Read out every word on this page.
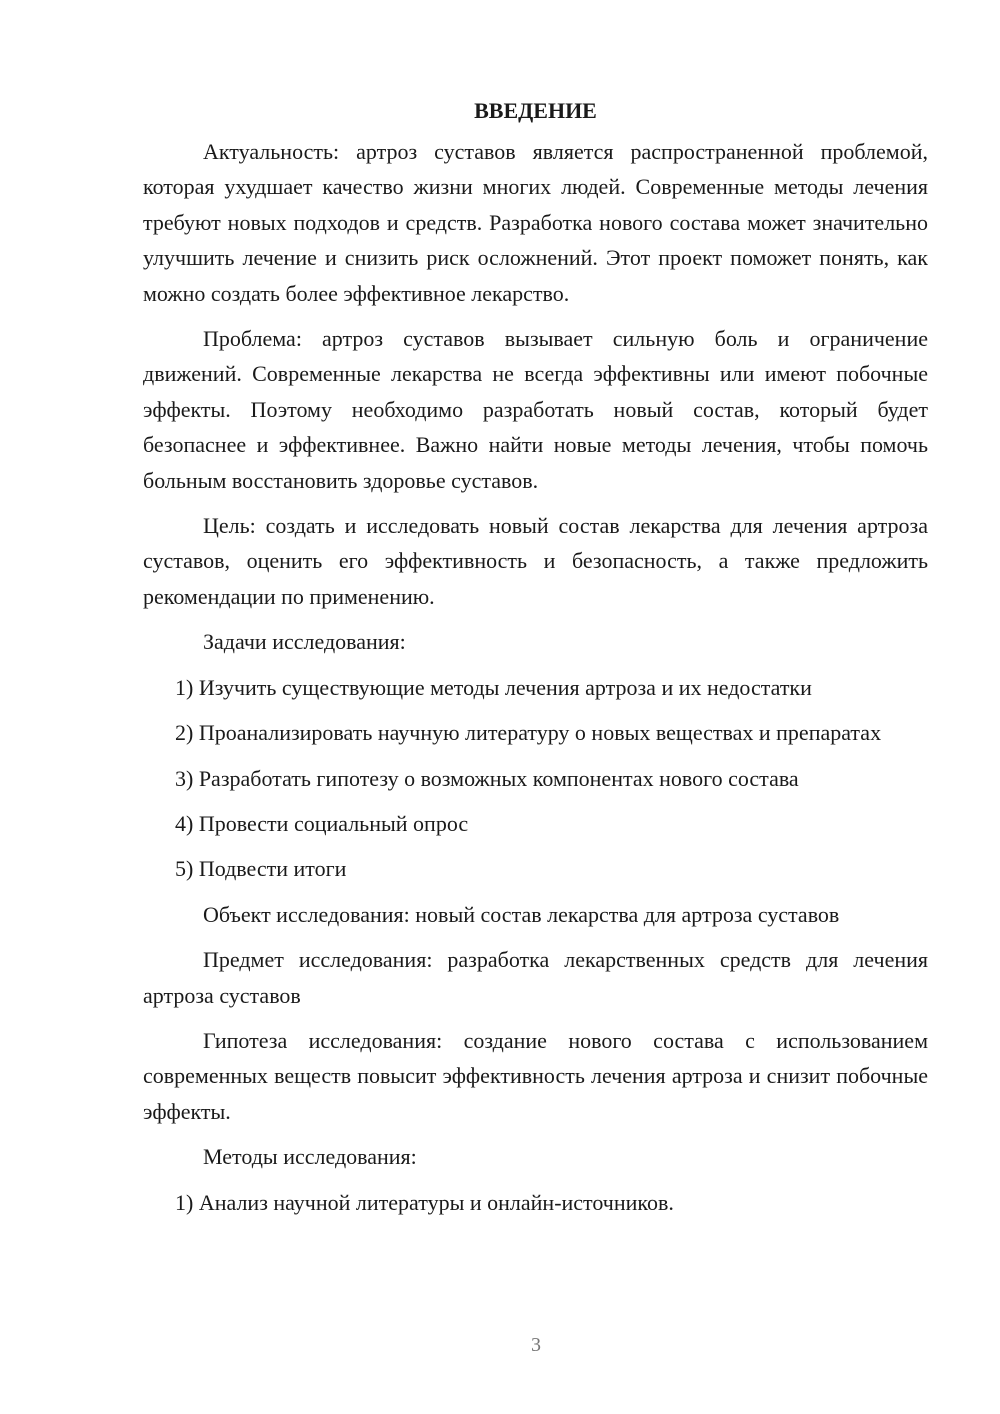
ВВЕДЕНИЕ

Актуальность: артроз суставов является распространенной проблемой, которая ухудшает качество жизни многих людей. Современные методы лечения требуют новых подходов и средств. Разработка нового состава может значительно улучшить лечение и снизить риск осложнений. Этот проект поможет понять, как можно создать более эффективное лекарство.

Проблема: артроз суставов вызывает сильную боль и ограничение движений. Современные лекарства не всегда эффективны или имеют побочные эффекты. Поэтому необходимо разработать новый состав, который будет безопаснее и эффективнее. Важно найти новые методы лечения, чтобы помочь больным восстановить здоровье суставов.

Цель: создать и исследовать новый состав лекарства для лечения артроза суставов, оценить его эффективность и безопасность, а также предложить рекомендации по применению.

Задачи исследования:

1) Изучить существующие методы лечения артроза и их недостатки

2) Проанализировать научную литературу о новых веществах и препаратах

3) Разработать гипотезу о возможных компонентах нового состава

4) Провести социальный опрос

5) Подвести итоги

Объект исследования: новый состав лекарства для артроза суставов

Предмет исследования: разработка лекарственных средств для лечения артроза суставов

Гипотеза исследования: создание нового состава с использованием современных веществ повысит эффективность лечения артроза и снизит побочные эффекты.

Методы исследования:

1) Анализ научной литературы и онлайн-источников.

3
